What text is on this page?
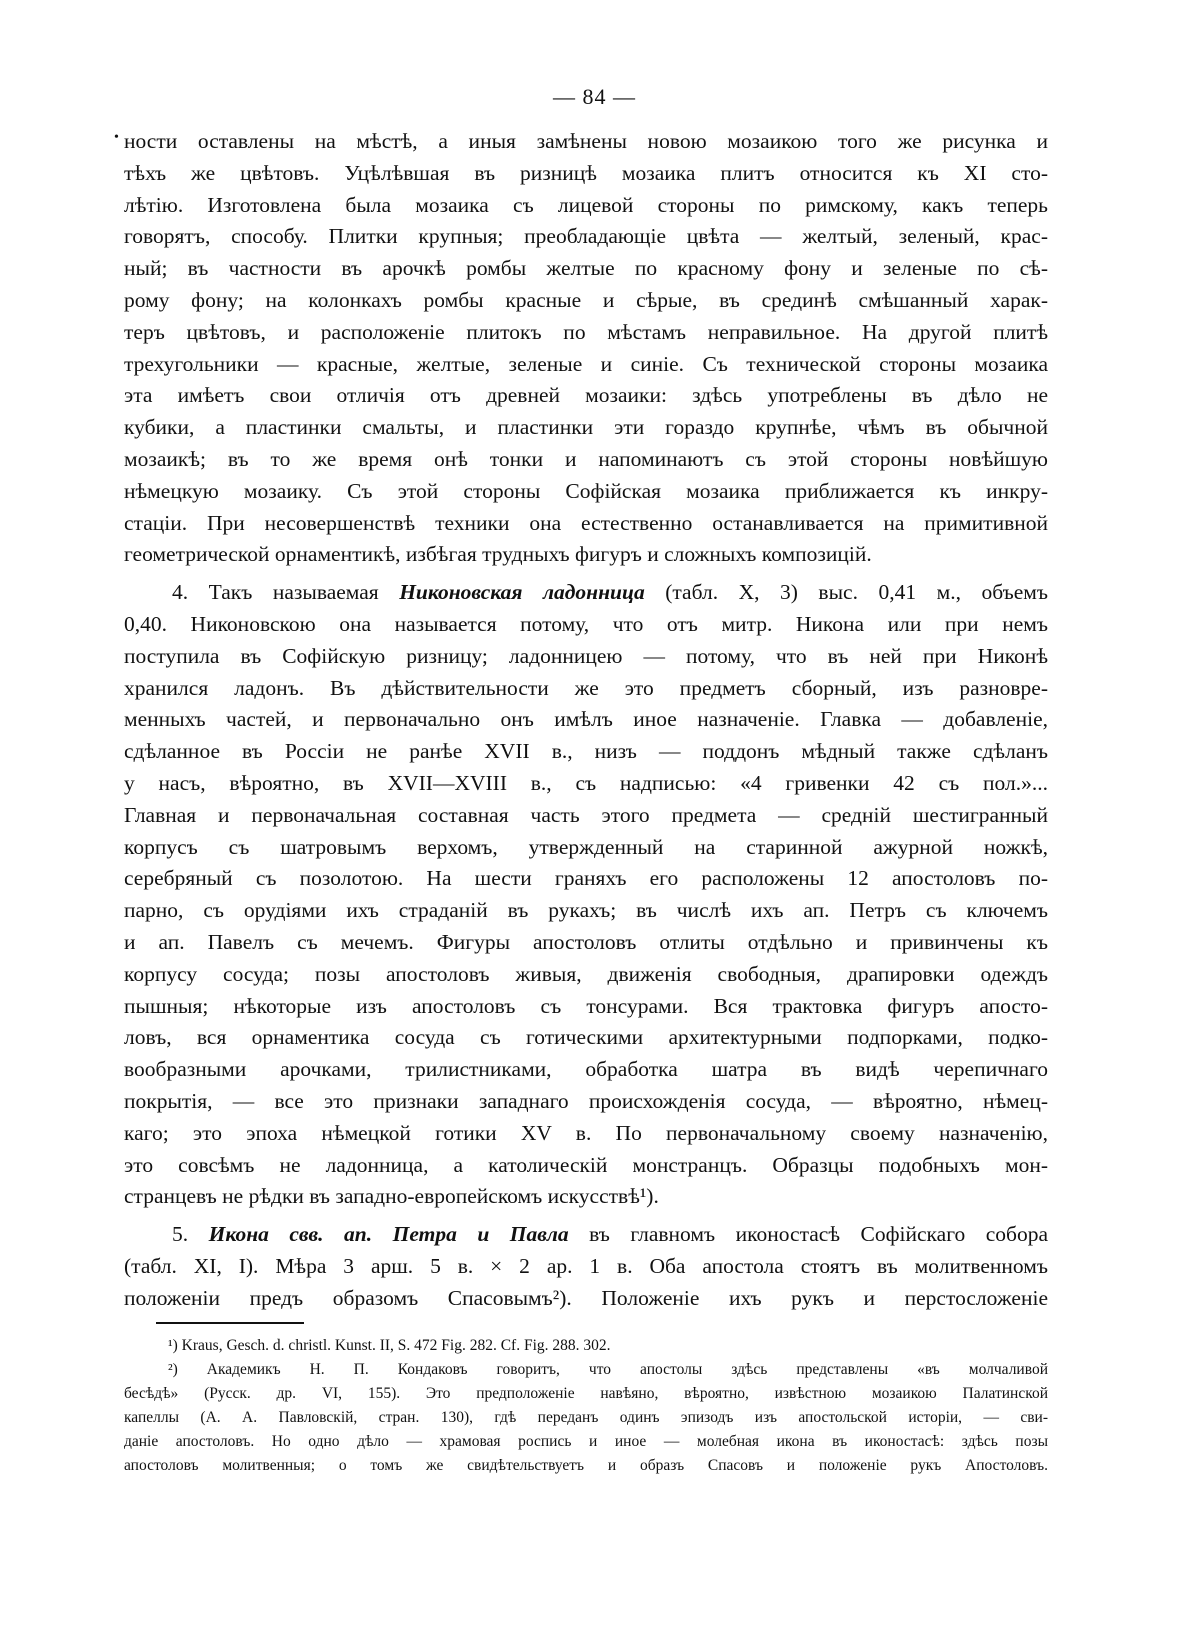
— 84 —
• ности оставлены на мѣстѣ, а иныя замѣнены новою мозаикою того же рисунка и
тѣхъ же цвѣтовъ. Уцѣлѣвшая въ ризницѣ мозаика плитъ относится къ XI сто-
лѣтію. Изготовлена была мозаика съ лицевой стороны по римскому, какъ теперь
говорятъ, способу. Плитки крупныя; преобладающіе цвѣта — желтый, зеленый, крас-
ный; въ частности въ арочкѣ ромбы желтые по красному фону и зеленые по сѣ-
рому фону; на колонкахъ ромбы красные и сѣрые, въ срединѣ смѣшанный харак-
теръ цвѣтовъ, и расположеніе плитокъ по мѣстамъ неправильное. На другой плитѣ
трехугольники — красные, желтые, зеленые и синіе. Съ технической стороны мозаика
эта имѣетъ свои отличія отъ древней мозаики: здѣсь употреблены въ дѣло не
кубики, а пластинки смальты, и пластинки эти гораздо крупнѣе, чѣмъ въ обычной
мозаикѣ; въ то же время онѣ тонки и напоминаютъ съ этой стороны новѣйшую
нѣмецкую мозаику. Съ этой стороны Софійская мозаика приближается къ инкру-
стаціи. При несовершенствѣ техники она естественно останавливается на примитивной
геометрической орнаментикѣ, избѣгая трудныхъ фигуръ и сложныхъ композицій.

4. Такъ называемая Никоновская ладонница (табл. X, 3) выс. 0,41 м., объемъ
0,40. Никоновскою она называется потому, что отъ митр. Никона или при немъ
поступила въ Софійскую ризницу; ладонницею — потому, что въ ней при Никонѣ
хранился ладонъ. Въ дѣйствительности же это предметъ сборный, изъ разновре-
менныхъ частей, и первоначально онъ имѣлъ иное назначеніе. Главка — добавленіе,
сдѣланное въ Россіи не ранѣе XVII в., низъ — поддонъ мѣдный также сдѣланъ
у насъ, вѣроятно, въ XVII—XVIII в., съ надписью: «4 гривенки 42 съ пол.»...
Главная и первоначальная составная часть этого предмета — средній шестигранный
корпусъ съ шатровымъ верхомъ, утвержденный на старинной ажурной ножкѣ,
серебряный съ позолотою. На шести граняхъ его расположены 12 апостоловъ по-
парно, съ орудіями ихъ страданій въ рукахъ; въ числѣ ихъ ап. Петръ съ ключемъ
и ап. Павелъ съ мечемъ. Фигуры апостоловъ отлиты отдѣльно и привинчены къ
корпусу сосуда; позы апостоловъ живыя, движенія свободныя, драпировки одеждъ
пышныя; нѣкоторые изъ апостоловъ съ тонсурами. Вся трактовка фигуръ апосто-
ловъ, вся орнаментика сосуда съ готическими архитектурными подпорками, подко-
вообразными арочками, трилистниками, обработка шатра въ видѣ черепичнаго
покрытія, — все это признаки западнаго происхожденія сосуда, — вѣроятно, нѣмец-
каго; это эпоха нѣмецкой готики XV в. По первоначальному своему назначенію,
это совсѣмъ не ладонница, а католическій монстранцъ. Образцы подобныхъ мон-
странцевъ не рѣдки въ западно-европейскомъ искусствѣ¹).

5. Икона свв. ап. Петра и Павла въ главномъ иконостасѣ Софійскаго собора
(табл. XI, I). Мѣра 3 арш. 5 в. × 2 ар. 1 в. Оба апостола стоятъ въ молитвенномъ
положеніи предъ образомъ Спасовымъ²). Положеніе ихъ рукъ и перстосложеніе

¹) Kraus, Gesch. d. christl. Kunst. II, S. 472 Fig. 282. Cf. Fig. 288. 302.
²) Академикъ Н. П. Кондаковъ говоритъ, что апостолы здѣсь представлены «въ молчаливой
бесѣдѣ» (Русск. др. VI, 155). Это предположеніе навѣяно, вѣроятно, извѣстною мозаикою Палатинской
капеллы (А. А. Павловскій, стран. 130), гдѣ переданъ одинъ эпизодъ изъ апостольской исторіи, — сви-
даніе апостоловъ. Но одно дѣло — храмовая роспись и иное — молебная икона въ иконостасѣ: здѣсь позы
апостоловъ молитвенныя; о томъ же свидѣтельствуетъ и образъ Спасовъ и положеніе рукъ Апостоловъ.
